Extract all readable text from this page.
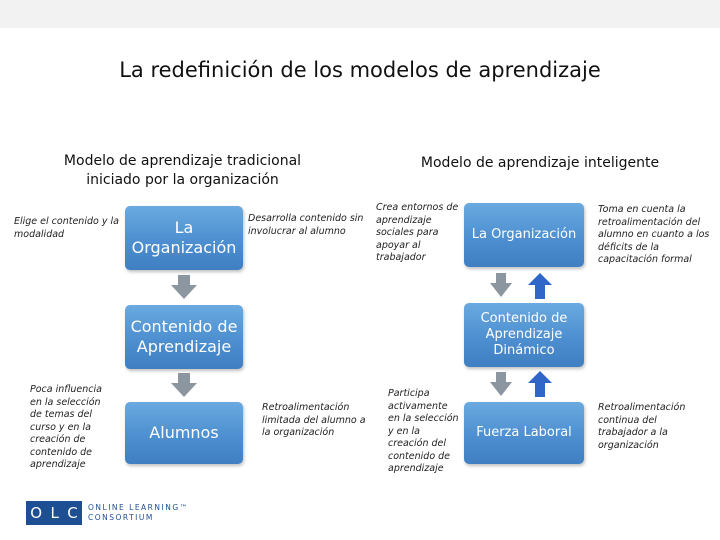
La redefinición de los modelos de aprendizaje
Modelo de aprendizaje tradicional
iniciado por la organización
Modelo de aprendizaje inteligente
La Organización
Contenido de Aprendizaje
Alumnos
Elige el contenido y la modalidad
Desarrolla contenido sin involucrar al alumno
Poca influencia en la selección de temas del curso y en la creación de contenido de aprendizaje
Retroalimentación limitada del alumno a la organización
La Organización
Contenido de Aprendizaje Dinámico
Fuerza Laboral
Crea entornos de aprendizaje sociales para apoyar al trabajador
Toma en cuenta la retroalimentación del alumno en cuanto a los déficits de la capacitación formal
Participa activamente en la selección y en la creación del contenido de aprendizaje
Retroalimentación continua del trabajador a la organización
O L C ONLINE LEARNING™
CONSORTIUM
